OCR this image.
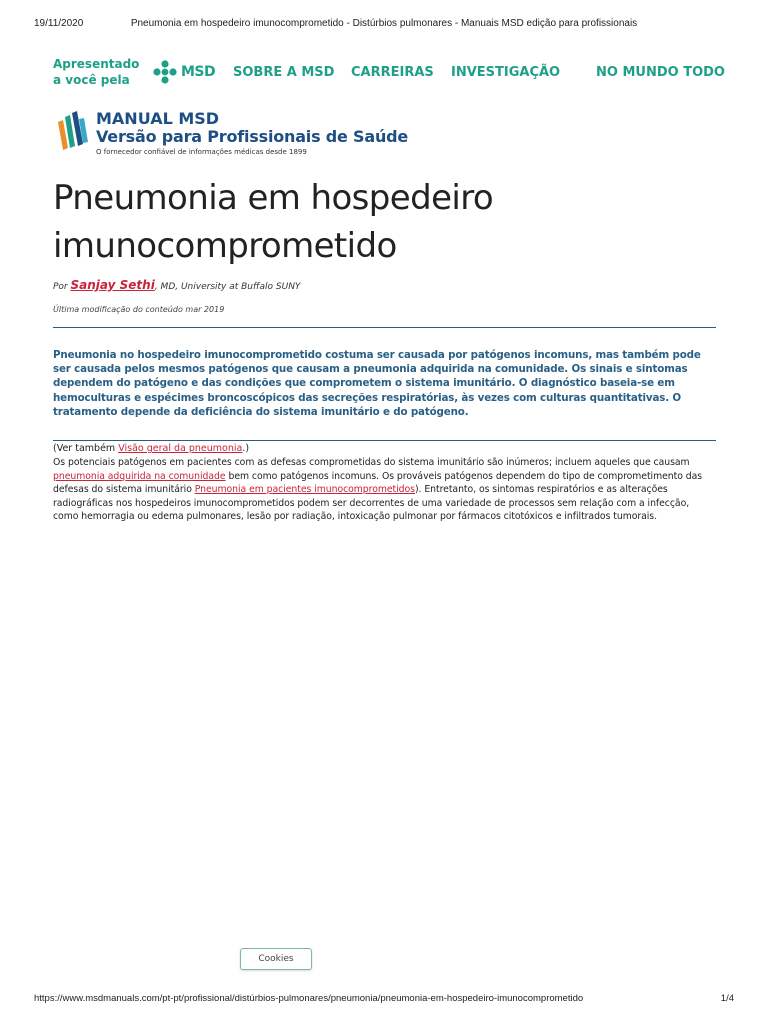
19/11/2020	Pneumonia em hospedeiro imunocomprometido - Distúrbios pulmonares - Manuais MSD edição para profissionais
Apresentado
a você pela	MSD SOBRE A MSD CARREIRAS INVESTIGAÇÃO	NO MUNDO TODO
MANUAL MSD
Versão para Profissionais de Saúde
O fornecedor confiável de informações médicas desde 1899
Pneumonia em hospedeiro
imunocomprometido
Por Sanjay Sethi, MD, University at Buffalo SUNY
Última modificação do conteúdo mar 2019

Pneumonia no hospedeiro imunocomprometido costuma ser causada por patógenos incomuns, mas também pode ser causada pelos mesmos patógenos que causam a pneumonia adquirida na comunidade. Os sinais e sintomas dependem do patógeno e das condições que comprometem o sistema imunitário. O diagnóstico baseia-se em hemoculturas e espécimes broncoscópicos das secreções respiratórias, às vezes com culturas quantitativas. O tratamento depende da deficiência do sistema imunitário e do patógeno.

(Ver também Visão geral da pneumonia.)

Os potenciais patógenos em pacientes com as defesas comprometidas do sistema imunitário são inúmeros; incluem aqueles que causam pneumonia adquirida na comunidade bem como patógenos incomuns. Os prováveis patógenos dependem do tipo de comprometimento das defesas do sistema imunitário Pneumonia em pacientes imunocomprometidos). Entretanto, os sintomas respiratórios e as alterações radiográficas nos hospedeiros imunocomprometidos podem ser decorrentes de uma variedade de processos sem relação com a infecção, como hemorragia ou edema pulmonares, lesão por radiação, intoxicação pulmonar por fármacos citotóxicos e infiltrados tumorais.

Cookies
https://www.msdmanuals.com/pt-pt/profissional/distúrbios-pulmonares/pneumonia/pneumonia-em-hospedeiro-imunocomprometido	1/4
